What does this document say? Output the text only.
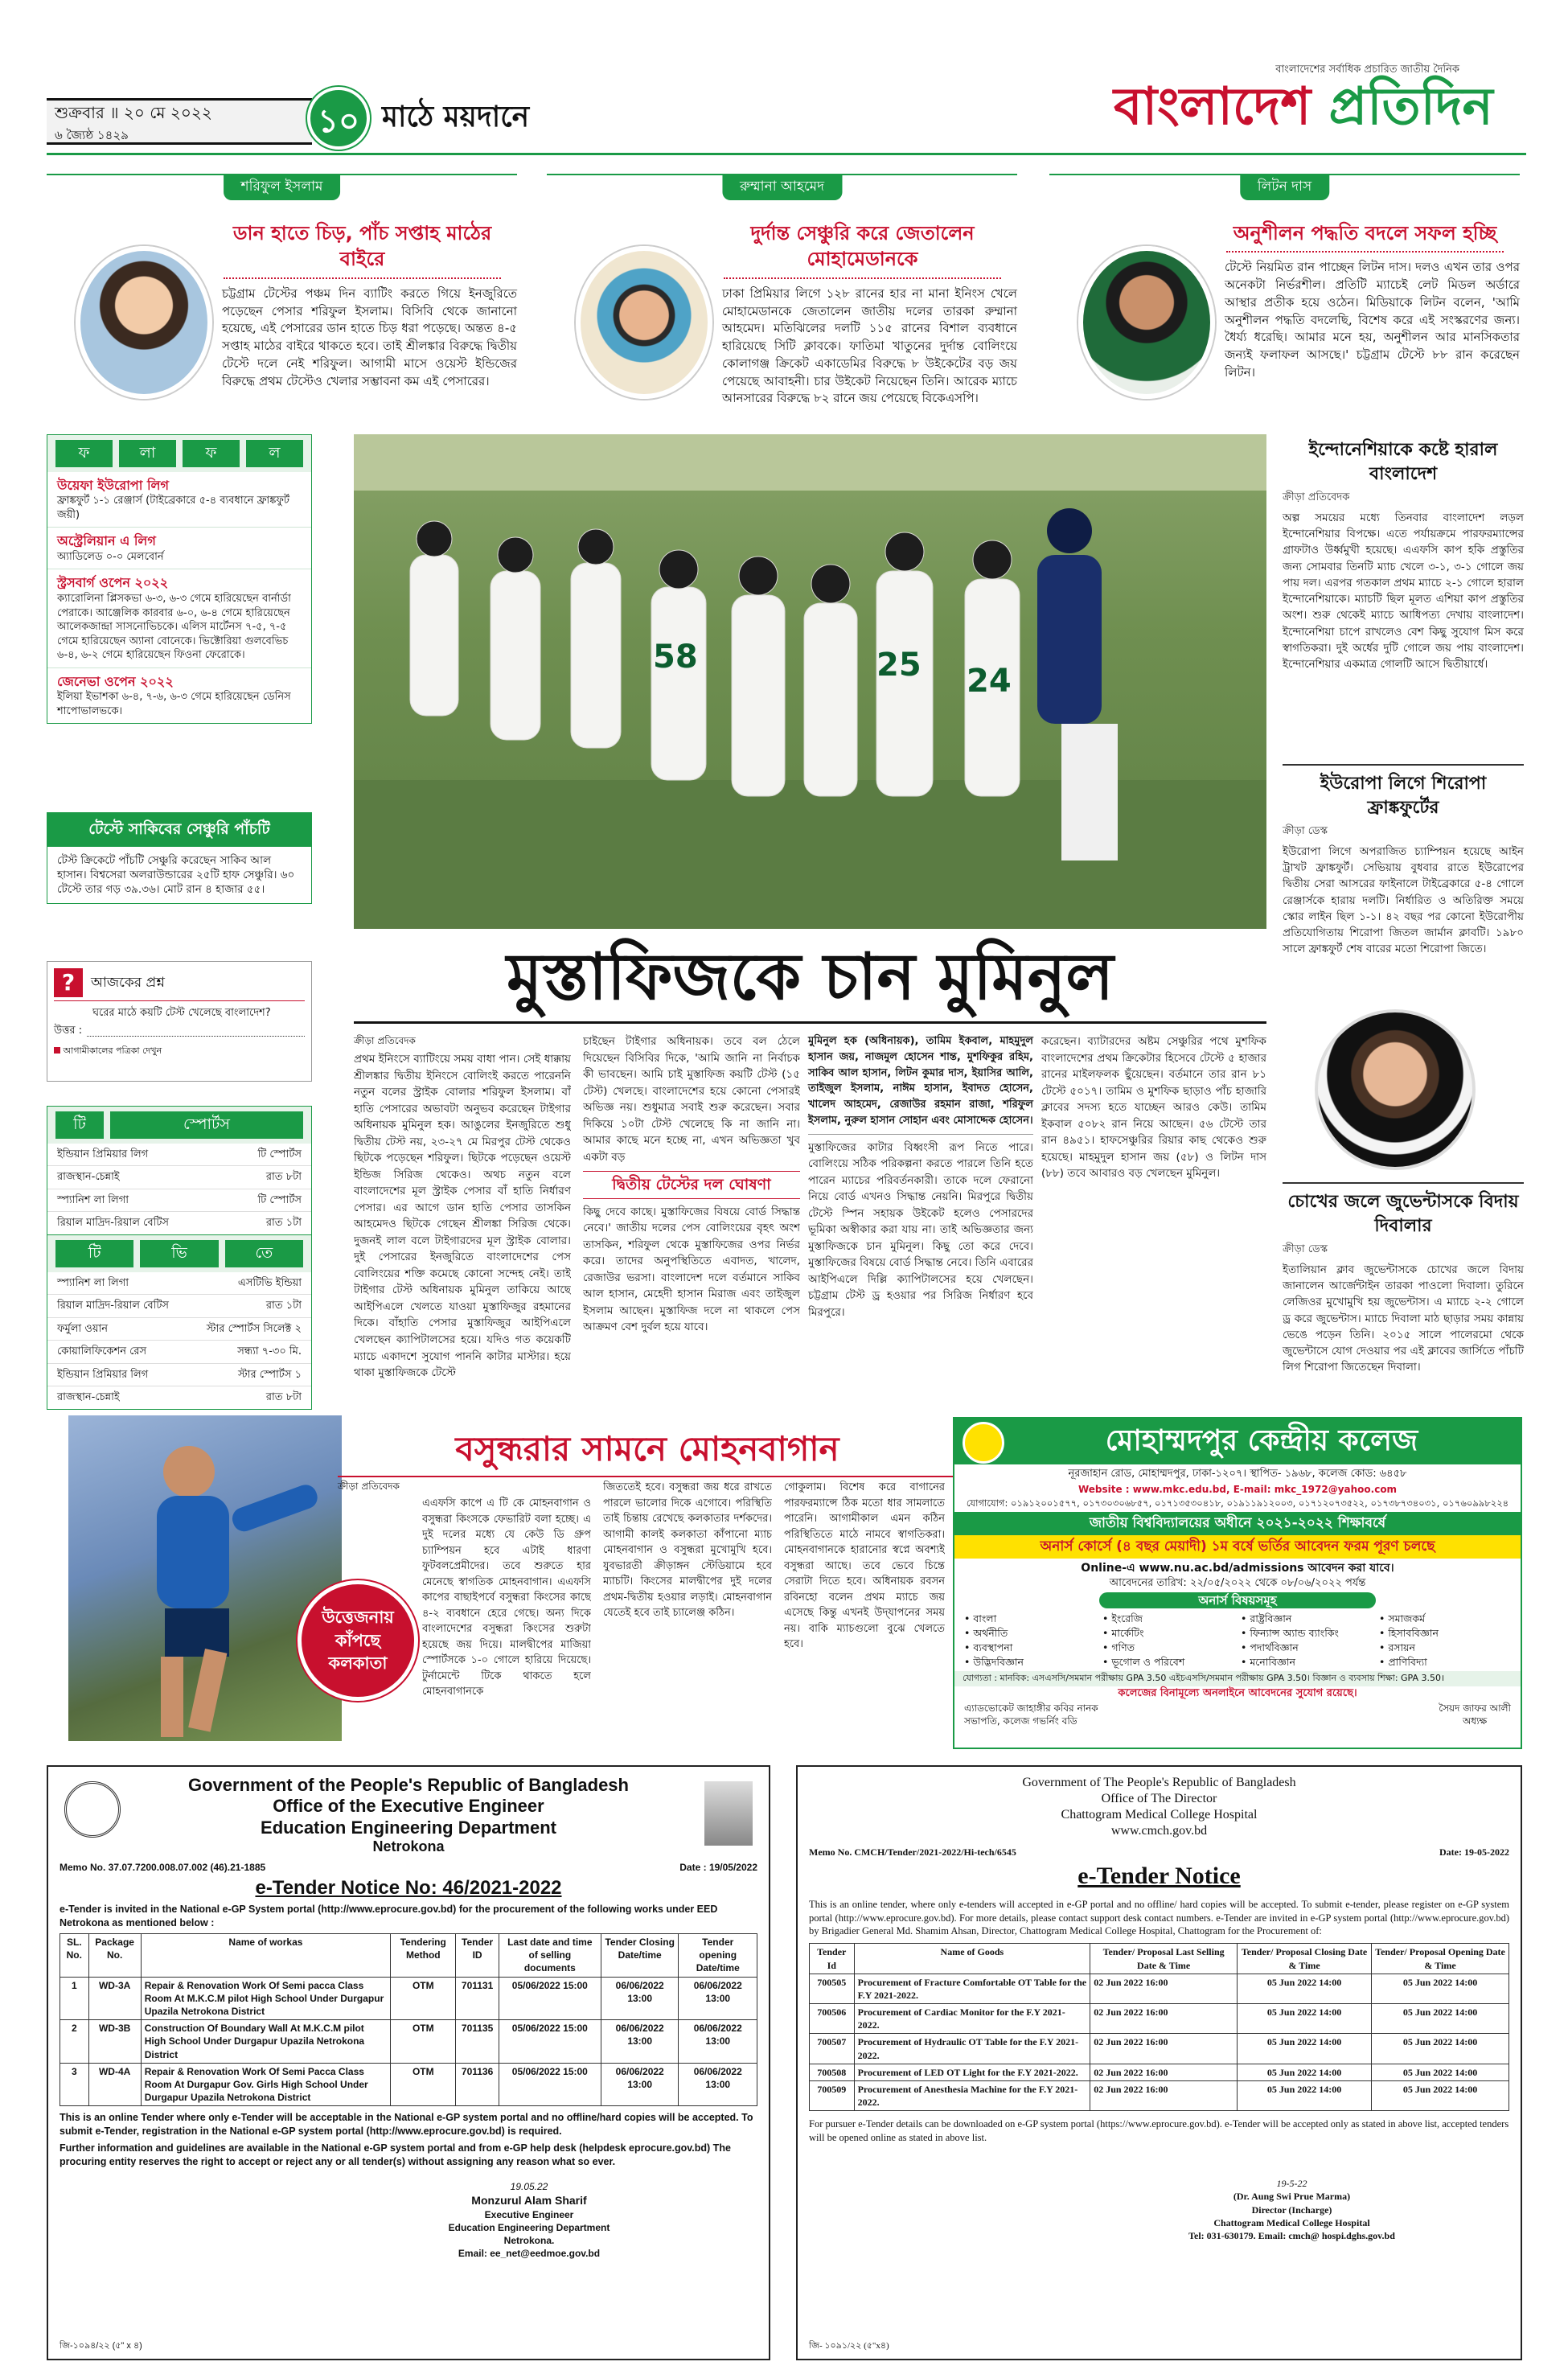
শুক্রবার ॥ ২০ মে ২০২২
৬ জ্যৈষ্ঠ ১৪২৯	১০ মাঠে ময়দানে
বাংলাদেশের সর্বাধিক প্রচারিত জাতীয় দৈনিক
বাংলাদেশ প্রতিদিন
শরিফুল ইসলাম
ডান হাতে চিড়, পাঁচ সপ্তাহ মাঠের বাইরে
চট্টগ্রাম টেস্টের পঞ্চম দিন ব্যাটিং করতে গিয়ে ইনজুরিতে পড়েছেন পেসার শরিফুল ইসলাম। বিসিবি থেকে জানানো হয়েছে, এই পেসারের ডান হাতে চিড় ধরা পড়েছে। অন্তত ৪-৫ সপ্তাহ মাঠের বাইরে থাকতে হবে। তাই শ্রীলঙ্কার বিরুদ্ধে দ্বিতীয় টেস্টে দলে নেই শরিফুল। আগামী মাসে ওয়েস্ট ইন্ডিজের বিরুদ্ধে প্রথম টেস্টেও খেলার সম্ভাবনা কম এই পেসারের।
রুম্মানা আহমেদ
দুর্দান্ত সেঞ্চুরি করে জেতালেন মোহামেডানকে
ঢাকা প্রিমিয়ার লিগে ১২৮ রানের হার না মানা ইনিংস খেলে মোহামেডানকে জেতালেন জাতীয় দলের তারকা রুম্মানা আহমেদ। মতিঝিলের দলটি ১১৫ রানের বিশাল ব্যবধানে হারিয়েছে সিটি ক্লাবকে। ফাতিমা খাতুনের দুর্দান্ত বোলিংয়ে কোলাগঞ্জ ক্রিকেট একাডেমির বিরুদ্ধে ৮ উইকেটের বড় জয় পেয়েছে আবাহনী। চার উইকেট নিয়েছেন তিনি। আরেক ম্যাচে আনসারের বিরুদ্ধে ৮২ রানে জয় পেয়েছে বিকেএসপি।
লিটন দাস
অনুশীলন পদ্ধতি বদলে সফল হচ্ছি
টেস্টে নিয়মিত রান পাচ্ছেন লিটন দাস। দলও এখন তার ওপর অনেকটা নির্ভরশীল। প্রতিটি ম্যাচেই লেট মিডল অর্ডারে আস্থার প্রতীক হয়ে ওঠেন। মিডিয়াকে লিটন বলেন, 'আমি অনুশীলন পদ্ধতি বদলেছি, বিশেষ করে এই সংস্করণের জন্য। ধৈর্য্য ধরেছি। আমার মনে হয়, অনুশীলন আর মানসিকতার জন্যই ফলাফল আসছে।' চট্টগ্রাম টেস্টে ৮৮ রান করেছেন লিটন।
ফ	লা	ফ	ল
উয়েফা ইউরোপা লিগ
ফ্রাঙ্কফুর্ট ১-১ রেঞ্জার্স (টাইব্রেকারে ৫-৪ ব্যবধানে ফ্রাঙ্কফুর্ট জয়ী)
অস্ট্রেলিয়ান এ লিগ
অ্যাডিলেড ০-০ মেলবোর্ন
স্ট্রসবার্গ ওপেন ২০২২
ক্যারোলিনা প্লিসকভা ৬-৩, ৬-৩ গেমে হারিয়েছেন বার্নার্ডা পেরাকে। আঞ্জেলিক কারবার ৬-০, ৬-৪ গেমে হারিয়েছেন আলেকজান্দ্রা সাসনোভিচকে। এলিস মার্টেনস ৭-৫, ৭-৫ গেমে হারিয়েছেন অ্যানা বোনেকে। ভিক্টোরিয়া গুলবেভিচ ৬-৪, ৬-২ গেমে হারিয়েছেন ফিওনা ফেরোকে।
জেনেভা ওপেন ২০২২
ইলিয়া ইভাশকা ৬-৪, ৭-৬, ৬-৩ গেমে হারিয়েছেন ডেনিস শাপোভালভকে।
টেস্টে সাকিবের সেঞ্চুরি পাঁচটি
টেস্ট ক্রিকেটে পাঁচটি সেঞ্চুরি করেছেন সাকিব আল হাসান। বিশ্বসেরা অলরাউন্ডারের ২৫টি হাফ সেঞ্চুরি। ৬০ টেস্টে তার গড় ৩৯.৩৬। মোট রান ৪ হাজার ৫৫।
?	আজকের প্রশ্ন
ঘরের মাঠে কয়টি টেস্ট খেলেছে বাংলাদেশ?
উত্তর :
আগামীকালের পত্রিকা দেখুন
টি	স্পোর্টস
ইন্ডিয়ান প্রিমিয়ার লিগ	টি স্পোর্টস
রাজস্থান-চেন্নাই	রাত ৮টা
স্প্যানিশ লা লিগা	টি স্পোর্টস
রিয়াল মাদ্রিদ-রিয়াল বেটিস	রাত ১টা
টি	ভি	তে
স্প্যানিশ লা লিগা	এসটিভি ইন্ডিয়া
রিয়াল মাদ্রিদ-রিয়াল বেটিস	রাত ১টা
ফর্মুলা ওয়ান	স্টার স্পোর্টস সিলেক্ট ২
কোয়ালিফিকেশন রেস	সন্ধ্যা ৭-৩০ মি.
ইন্ডিয়ান প্রিমিয়ার লিগ	স্টার স্পোর্টস ১
রাজস্থান-চেন্নাই	রাত ৮টা
58	25 24
ইন্দোনেশিয়াকে কষ্টে হারাল বাংলাদেশ
ক্রীড়া প্রতিবেদক
অল্প সময়ের মধ্যে তিনবার বাংলাদেশ লড়ল ইন্দোনেশিয়ার বিপক্ষে। এতে পর্যায়ক্রমে পারফরম্যান্সের গ্রাফটাও উর্ধ্বমুখী হয়েছে। এএফসি কাপ হকি প্রস্তুতির জন্য সোমবার তিনটি ম্যাচ খেলে ৩-১, ৩-১ গোলে জয় পায় দল। এরপর গতকাল প্রথম ম্যাচে ২-১ গোলে হারাল ইন্দোনেশিয়াকে। ম্যাচটি ছিল মূলত এশিয়া কাপ প্রস্তুতির অংশ। শুরু থেকেই ম্যাচে আধিপত্য দেখায় বাংলাদেশ। ইন্দোনেশিয়া চাপে রাখলেও বেশ কিছু সুযোগ মিস করে স্বাগতিকরা। দুই অর্ধের দুটি গোলে জয় পায় বাংলাদেশ। ইন্দোনেশিয়ার একমাত্র গোলটি আসে দ্বিতীয়ার্ধে।
ইউরোপা লিগে শিরোপা ফ্রাঙ্কফুর্টের
ক্রীড়া ডেস্ক
ইউরোপা লিগে অপরাজিত চ্যাম্পিয়ন হয়েছে আইন ট্রাখট ফ্রাঙ্কফুর্ট। সেভিয়ায় বুধবার রাতে ইউরোপের দ্বিতীয় সেরা আসরের ফাইনালে টাইব্রেকারে ৫-৪ গোলে রেঞ্জার্সকে হারায় দলটি। নির্ধারিত ও অতিরিক্ত সময়ে স্কোর লাইন ছিল ১-১। ৪২ বছর পর কোনো ইউরোপীয় প্রতিযোগিতায় শিরোপা জিতল জার্মান ক্লাবটি। ১৯৮০ সালে ফ্রাঙ্কফুর্ট শেষ বারের মতো শিরোপা জিতে।
চোখের জলে জুভেন্টাসকে বিদায় দিবালার
ক্রীড়া ডেস্ক
ইতালিয়ান ক্লাব জুভেন্টাসকে চোখের জলে বিদায় জানালেন আর্জেন্টাইন তারকা পাওলো দিবালা। তুরিনে লেজিওর মুখোমুখি হয় জুভেন্টাস। এ ম্যাচে ২-২ গোলে ড্র করে জুভেন্টাস। ম্যাচে দিবালা মাঠ ছাড়ার সময় কান্নায় ভেঙে পড়েন তিনি। ২০১৫ সালে পালেরমো থেকে জুভেন্টাসে যোগ দেওয়ার পর এই ক্লাবের জার্সিতে পাঁচটি লিগ শিরোপা জিতেছেন দিবালা।
মুস্তাফিজকে চান মুমিনুল
ক্রীড়া প্রতিবেদক
প্রথম ইনিংসে ব্যাটিংয়ে সময় বাধা পান। সেই ধাক্কায় শ্রীলঙ্কার দ্বিতীয় ইনিংসে বোলিংই করতে পারেননি নতুন বলের স্ট্রাইক বোলার শরিফুল ইসলাম। বাঁ হাতি পেসারের অভাবটা অনুভব করেছেন টাইগার অধিনায়ক মুমিনুল হক। আঙুলের ইনজুরিতে শুধু দ্বিতীয় টেস্ট নয়, ২৩-২৭ মে মিরপুর টেস্ট থেকেও ছিটকে পড়েছেন শরিফুল। ছিটকে পড়েছেন ওয়েস্ট ইন্ডিজ সিরিজ থেকেও। অথচ নতুন বলে বাংলাদেশের মূল স্ট্রাইক পেসার বাঁ হাতি নির্ধারণ পেসার। এর আগে ডান হাতি পেসার তাসকিন আহমেদও ছিটকে গেছেন শ্রীলঙ্কা সিরিজ থেকে। দুজনই লাল বলে টাইগারদের মূল স্ট্রাইক বোলার। দুই পেসারের ইনজুরিতে বাংলাদেশের পেস বোলিংয়ের শক্তি কমেছে কোনো সন্দেহ নেই। তাই টাইগার টেস্ট অধিনায়ক মুমিনুল তাকিয়ে আছে আইপিএলে খেলতে যাওয়া মুস্তাফিজুর রহমানের দিকে। বাঁহাতি পেসার মুস্তাফিজুর আইপিএলে খেলছেন ক্যাপিটালসের হয়ে। যদিও গত কয়েকটি ম্যাচে একাদশে সুযোগ পাননি কাটার মাস্টার। হয়ে থাকা মুস্তাফিজকে টেস্টে
চাইছেন টাইগার অধিনায়ক। তবে বল ঠেলে দিয়েছেন বিসিবির দিকে, 'আমি জানি না নির্বাচক কী ভাবছেন। আমি চাই মুস্তাফিজ কয়টি টেস্ট (১৫ টেস্ট) খেলছে। বাংলাদেশের হয়ে কোনো পেসারই অভিজ্ঞ নয়। শুধুমাত্র সবাই শুরু করেছেন। সবার দিকিয়ে ১০টা টেস্ট খেলেছে কি না জানি না। আমার কাছে মনে হচ্ছে না, এখন অভিজ্ঞতা খুব একটা বড়
দ্বিতীয় টেস্টের দল ঘোষণা
কিছু দেবে কাছে। মুস্তাফিজের বিষয়ে বোর্ড সিদ্ধান্ত নেবে।' জাতীয় দলের পেস বোলিংয়ের বৃহৎ অংশ তাসকিন, শরিফুল থেকে মুস্তাফিজের ওপর নির্ভর করে। তাদের অনুপস্থিতিতে এবাদত, খালেদ, রেজাউর ভরসা। বাংলাদেশ দলে বর্তমানে সাকিব আল হাসান, মেহেদী হাসান মিরাজ এবং তাইজুল ইসলাম আছেন। মুস্তাফিজ দলে না থাকলে পেস আক্রমণ বেশ দুর্বল হয়ে যাবে।
মুমিনুল হক (অধিনায়ক), তামিম ইকবাল, মাহমুদুল হাসান জয়, নাজমুল হোসেন শান্ত, মুশফিকুর রহিম, সাকিব আল হাসান, লিটন কুমার দাস, ইয়াসির আলি, তাইজুল ইসলাম, নাঈম হাসান, ইবাদত হোসেন, খালেদ আহমেদ, রেজাউর রহমান রাজা, শরিফুল ইসলাম, নুরুল হাসান সোহান এবং মোসাদ্দেক হোসেন।
মুস্তাফিজের কাটার বিধ্বংসী রূপ নিতে পারে। বোলিংয়ে সঠিক পরিকল্পনা করতে পারলে তিনি হতে পারেন ম্যাচের পরিবর্তনকারী। তাকে দলে ফেরানো নিয়ে বোর্ড এখনও সিদ্ধান্ত নেয়নি। মিরপুরে দ্বিতীয় টেস্টে স্পিন সহায়ক উইকেট হলেও পেসারদের ভূমিকা অস্বীকার করা যায় না। তাই অভিজ্ঞতার জন্য মুস্তাফিজকে চান মুমিনুল। কিছু তো করে দেবে। মুস্তাফিজের বিষয়ে বোর্ড সিদ্ধান্ত নেবে। তিনি এবারের আইপিএলে দিল্লি ক্যাপিটালসের হয়ে খেলছেন। চট্টগ্রাম টেস্ট ড্র হওয়ার পর সিরিজ নির্ধারণ হবে মিরপুরে।
করেছেন। ব্যাটারদের অষ্টম সেঞ্চুরির পথে মুশফিক বাংলাদেশের প্রথম ক্রিকেটার হিসেবে টেস্টে ৫ হাজার রানের মাইলফলক ছুঁয়েছেন। বর্তমানে তার রান ৮১ টেস্টে ৫০১৭। তামিম ও মুশফিক ছাড়াও পাঁচ হাজারি ক্লাবের সদস্য হতে যাচ্ছেন আরও কেউ। তামিম ইকবাল ৫০৮২ রান নিয়ে আছেন। ৫৬ টেস্টে তার রান ৪৯৫১। হাফসেঞ্চুরির রিয়ার কাছ থেকেও শুরু হয়েছে। মাহমুদুল হাসান জয় (৫৮) ও লিটন দাস (৮৮) তবে আবারও বড় খেলছেন মুমিনুল।
উত্তেজনায় কাঁপছে কলকাতা
বসুন্ধরার সামনে মোহনবাগান
ক্রীড়া প্রতিবেদক
এএফসি কাপে এ টি কে মোহনবাগান ও বসুন্ধরা কিংসকে ফেভারিট বলা হচ্ছে। এ দুই দলের মধ্যে যে কেউ ডি গ্রুপ চ্যাম্পিয়ন হবে এটাই ধারণা ফুটবলপ্রেমীদের। তবে শুরুতে হার মেনেছে স্বাগতিক মোহনবাগান। এএফসি কাপের বাছাইপর্বে বসুন্ধরা কিংসের কাছে ৪-২ ব্যবধানে হেরে গেছে। অন্য দিকে বাংলাদেশের বসুন্ধরা কিংসের শুরুটা হয়েছে জয় দিয়ে। মালদ্বীপের মাজিয়া স্পোর্টসকে ১-০ গোলে হারিয়ে দিয়েছে। টুর্নামেন্টে টিকে থাকতে হলে মোহনবাগানকে
জিততেই হবে। বসুন্ধরা জয় ধরে রাখতে পারলে ভালোর দিকে এগোবে। পরিস্থিতি তাই চিন্তায় রেখেছে কলকাতার দর্শকদের। আগামী কালই কলকাতা কাঁপানো ম্যাচ মোহনবাগান ও বসুন্ধরা মুখোমুখি হবে। যুবভারতী ক্রীড়াঙ্গন স্টেডিয়ামে হবে ম্যাচটি। কিংসের মালদ্বীপের দুই দলের প্রথম-দ্বিতীয় হওয়ার লড়াই। মোহনবাগান যেতেই হবে তাই চ্যালেঞ্জ কঠিন।
গোকুলাম। বিশেষ করে বাগানের পারফরম্যান্সে ঠিক মতো ধার সামলাতে পারেনি। আগামীকাল এমন কঠিন পরিস্থিতিতে মাঠে নামবে স্বাগতিকরা। মোহনবাগানকে হারানোর স্বপ্নে অবশ্যই বসুন্ধরা আছে। তবে ভেবে চিন্তে সেরাটা দিতে হবে। অধিনায়ক রবসন রবিনহো বলেন প্রথম ম্যাচে জয় এসেছে কিন্তু এখনই উদ্‌যাপনের সময় নয়। বাকি ম্যাচগুলো বুঝে খেলতে হবে।
মোহাম্মদপুর কেন্দ্রীয় কলেজ
নূরজাহান রোড, মোহাম্মদপুর, ঢাকা-১২০৭। স্থাপিত- ১৯৬৮, কলেজ কোড: ৬৪৫৮
Website : www.mkc.edu.bd, E-mail: mkc_1972@yahoo.com
যোগাযোগ: ০১৯১২০০১৫৭৭, ০১৭৩০৩০৬৮৫৭, ০১৭১৩৫৩০৪১৮, ০১৯১১৯১২০০৩, ০১৭১২০৭৩৫২২, ০১৭৩৮৭৩৪০৩১, ০১৭৬০৯৯৮২২৪
জাতীয় বিশ্ববিদ্যালয়ের অধীনে ২০২১-২০২২ শিক্ষাবর্ষে
অনার্স কোর্সে (৪ বছর মেয়াদী) ১ম বর্ষে ভর্তির আবেদন ফরম পূরণ চলছে
Online-এ www.nu.ac.bd/admissions আবেদন করা যাবে।
আবেদনের তারিখ: ২২/০৫/২০২২ থেকে ০৮/০৬/২০২২ পর্যন্ত
অনার্স বিষয়সমূহ
• বাংলা	• ইংরেজি	• রাষ্ট্রবিজ্ঞান	• সমাজকর্ম
• অর্থনীতি	• মার্কেটিং	• ফিন্যান্স অ্যান্ড ব্যাংকিং	• হিসাববিজ্ঞান
• ব্যবস্থাপনা	• গণিত	• পদার্থবিজ্ঞান	• রসায়ন
• উদ্ভিদবিজ্ঞান	• ভূগোল ও পরিবেশ	• মনোবিজ্ঞান	• প্রাণিবিদ্যা
যোগ্যতা : মানবিক: এসএসসি/সমমান পরীক্ষায় GPA 3.50 এইচএসসি/সমমান পরীক্ষায় GPA 3.50। বিজ্ঞান ও ব্যবসায় শিক্ষা: GPA 3.50।
কলেজের বিনামূল্যে অনলাইনে আবেদনের সুযোগ রয়েছে।
এ্যাডভোকেট জাহাঙ্গীর কবির নানক
সভাপতি, কলেজ গভর্নিং বডি
সৈয়দ জাফর আলী
অধ্যক্ষ
Government of the People's Republic of Bangladesh
Office of the Executive Engineer
Education Engineering Department
Netrokona
Memo No. 37.07.7200.008.07.002 (46).21-1885	Date : 19/05/2022
e-Tender Notice No: 46/2021-2022
e-Tender is invited in the National e-GP System portal (http://www.eprocure.gov.bd) for the procurement of the following works under EED Netrokona as mentioned below :
SL. No.	Package No.	Name of workas	Tendering Method	Tender ID	Last date and time of selling documents	Tender Closing Date/time	Tender opening Date/time
1	WD-3A	Repair & Renovation Work Of Semi pacca Class Room At M.K.C.M pilot High School Under Durgapur Upazila Netrokona District	OTM	701131	05/06/2022 15:00	06/06/2022 13:00	06/06/2022 13:00
2	WD-3B	Construction Of Boundary Wall At M.K.C.M pilot High School Under Durgapur Upazila Netrokona District	OTM	701135	05/06/2022 15:00	06/06/2022 13:00	06/06/2022 13:00
3	WD-4A	Repair & Renovation Work Of Semi Pacca Class Room At Durgapur Gov. Girls High School Under Durgapur Upazila Netrokona District	OTM	701136	05/06/2022 15:00	06/06/2022 13:00	06/06/2022 13:00
This is an online Tender where only e-Tender will be acceptable in the National e-GP system portal and no offline/hard copies will be accepted. To submit e-Tender, registration in the National e-GP system portal (http://www.eprocure.gov.bd) is required.
Further information and guidelines are available in the National e-GP system portal and from e-GP help desk (helpdesk eprocure.gov.bd) The procuring entity reserves the right to accept or reject any or all tender(s) without assigning any reason what so ever.
19.05.22
Monzurul Alam Sharif
Executive Engineer
Education Engineering Department
Netrokona.
Email: ee_net@eedmoe.gov.bd
জি-১০৯৪/২২ (৫" x ৪)
Government of The People's Republic of Bangladesh
Office of The Director
Chattogram Medical College Hospital
www.cmch.gov.bd
Memo No. CMCH/Tender/2021-2022/Hi-tech/6545	Date: 19-05-2022
e-Tender Notice
This is an online tender, where only e-tenders will accepted in e-GP portal and no offline/ hard copies will be accepted. To submit e-tender, please register on e-GP system portal (http://www.eprocure.gov.bd). For more details, please contact support desk contact numbers. e-Tender are invited in e-GP system portal (http://www.eprocure.gov.bd) by Brigadier General Md. Shamim Ahsan, Director, Chattogram Medical College Hospital, Chattogram for the Procurement of:
Tender Id	Name of Goods	Tender/ Proposal Last Selling Date & Time	Tender/ Proposal Closing Date & Time	Tender/ Proposal Opening Date & Time
700505	Procurement of Fracture Comfortable OT Table for the F.Y 2021-2022.	02 Jun 2022 16:00	05 Jun 2022 14:00	05 Jun 2022 14:00
700506	Procurement of Cardiac Monitor for the F.Y 2021-2022.	02 Jun 2022 16:00	05 Jun 2022 14:00	05 Jun 2022 14:00
700507	Procurement of Hydraulic OT Table for the F.Y 2021-2022.	02 Jun 2022 16:00	05 Jun 2022 14:00	05 Jun 2022 14:00
700508	Procurement of LED OT Light for the F.Y 2021-2022.	02 Jun 2022 16:00	05 Jun 2022 14:00	05 Jun 2022 14:00
700509	Procurement of Anesthesia Machine for the F.Y 2021-2022.	02 Jun 2022 16:00	05 Jun 2022 14:00	05 Jun 2022 14:00
For pursuer e-Tender details can be downloaded on e-GP system portal (https://www.eprocure.gov.bd). e-Tender will be accepted only as stated in above list, accepted tenders will be opened online as stated in above list.
19-5-22
(Dr. Aung Swi Prue Marma)
Director (Incharge)
Chattogram Medical College Hospital
Tel: 031-630179. Email: cmch@ hospi.dghs.gov.bd
জি- ১০৯১/২২ (৫"x৪)
